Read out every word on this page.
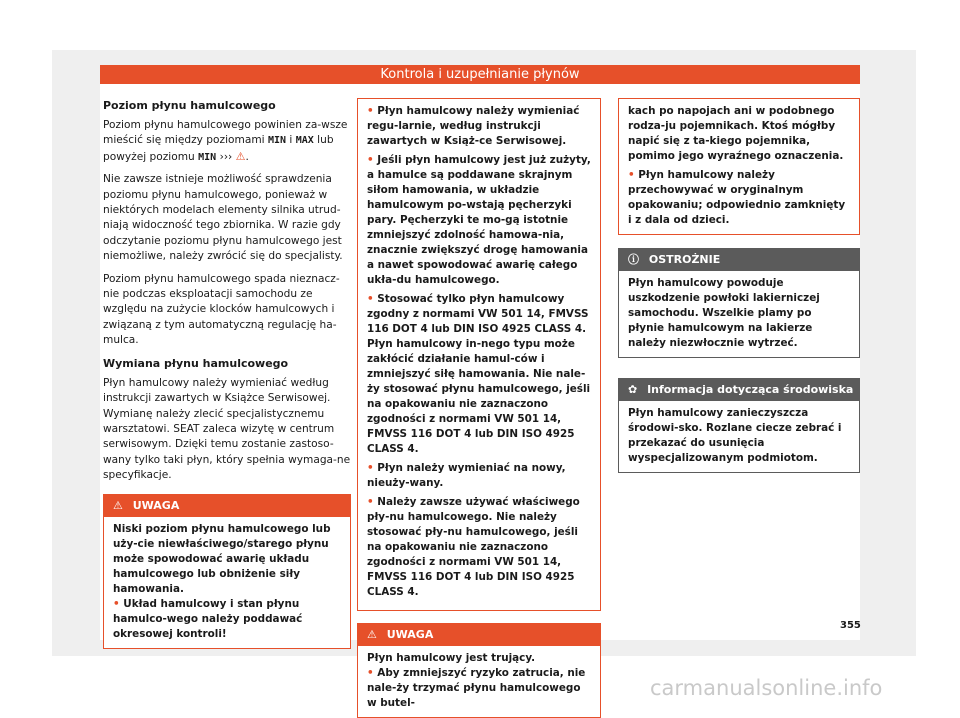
Kontrola i uzupełnianie płynów
Poziom płynu hamulcowego

Poziom płynu hamulcowego powinien za-wsze mieścić się między poziomami MIN i MAX lub powyżej poziomu MIN ››› ⚠.

Nie zawsze istnieje możliwość sprawdzenia poziomu płynu hamulcowego, ponieważ w niektórych modelach elementy silnika utrud-niają widoczność tego zbiornika. W razie gdy odczytanie poziomu płynu hamulcowego jest niemożliwe, należy zwrócić się do specjalisty.

Poziom płynu hamulcowego spada nieznacz-nie podczas eksploatacji samochodu ze względu na zużycie klocków hamulcowych i związaną z tym automatyczną regulację ha-mulca.

Wymiana płynu hamulcowego

Płyn hamulcowy należy wymieniać według instrukcji zawartych w Książce Serwisowej. Wymianę należy zlecić specjalistycznemu warsztatowi. SEAT zaleca wizytę w centrum serwisowym. Dzięki temu zostanie zastoso-wany tylko taki płyn, który spełnia wymaga-ne specyfikacje.

⚠ UWAGA
Niski poziom płynu hamulcowego lub uży-cie niewłaściwego/starego płynu może spowodować awarię układu hamulcowego lub obniżenie siły hamowania.
• Układ hamulcowy i stan płynu hamulco-wego należy poddawać okresowej kontroli!
• Płyn hamulcowy należy wymieniać regu-larnie, według instrukcji zawartych w Książ-ce Serwisowej.
• Jeśli płyn hamulcowy jest już zużyty, a hamulce są poddawane skrajnym siłom hamowania, w układzie hamulcowym po-wstają pęcherzyki pary. Pęcherzyki te mo-gą istotnie zmniejszyć zdolność hamowa-nia, znacznie zwiększyć drogę hamowania a nawet spowodować awarię całego ukła-du hamulcowego.
• Stosować tylko płyn hamulcowy zgodny z normami VW 501 14, FMVSS 116 DOT 4 lub DIN ISO 4925 CLASS 4. Płyn hamulcowy in-nego typu może zakłócić działanie hamul-ców i zmniejszyć siłę hamowania. Nie nale-ży stosować płynu hamulcowego, jeśli na opakowaniu nie zaznaczono zgodności z normami VW 501 14, FMVSS 116 DOT 4 lub DIN ISO 4925 CLASS 4.
• Płyn należy wymieniać na nowy, nieuży-wany.
• Należy zawsze używać właściwego pły-nu hamulcowego. Nie należy stosować pły-nu hamulcowego, jeśli na opakowaniu nie zaznaczono zgodności z normami VW 501 14, FMVSS 116 DOT 4 lub DIN ISO 4925 CLASS 4.
⚠ UWAGA
Płyn hamulcowy jest trujący.
• Aby zmniejszyć ryzyko zatrucia, nie nale-ży trzymać płynu hamulcowego w butel-
kach po napojach ani w podobnego rodza-ju pojemnikach. Ktoś mógłby napić się z ta-kiego pojemnika, pomimo jego wyraźnego oznaczenia.
• Płyn hamulcowy należy przechowywać w oryginalnym opakowaniu; odpowiednio zamknięty i z dala od dzieci.
ⓘ OSTROŻNIE
Płyn hamulcowy powoduje uszkodzenie powłoki lakierniczej samochodu. Wszelkie plamy po płynie hamulcowym na lakierze należy niezwłocznie wytrzeć.
✿ Informacja dotycząca środowiska
Płyn hamulcowy zanieczyszcza środowi-sko. Rozlane ciecze zebrać i przekazać do usunięcia wyspecjalizowanym podmiotom.
355
carmanualsonline.info
